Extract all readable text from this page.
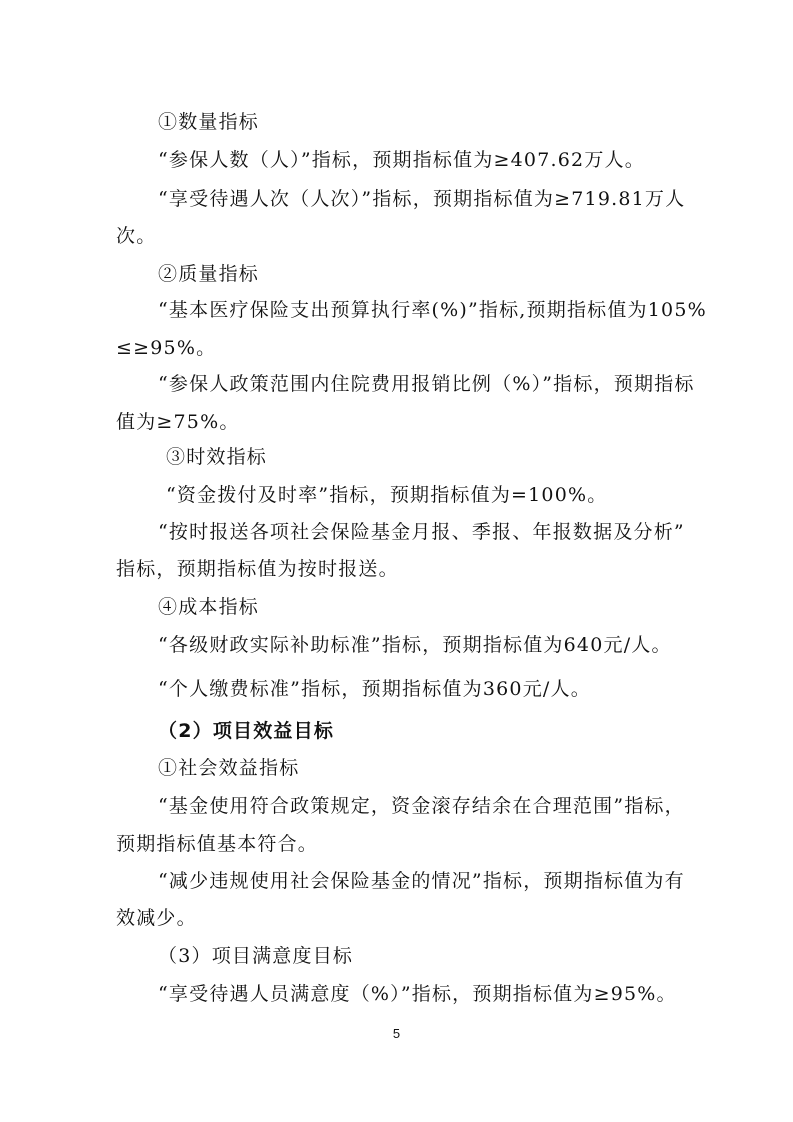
①数量指标
“参保人数（人）”指标，预期指标值为≥407.62万人。
“享受待遇人次（人次）”指标，预期指标值为≥719.81万人
次。
②质量指标
“基本医疗保险支出预算执行率(%)”指标,预期指标值为105%
≤≥95%。
“参保人政策范围内住院费用报销比例（%）”指标，预期指标
值为≥75%。
③时效指标
“资金拨付及时率”指标，预期指标值为=100%。
“按时报送各项社会保险基金月报、季报、年报数据及分析”
指标，预期指标值为按时报送。
④成本指标
“各级财政实际补助标准”指标，预期指标值为640元/人。
“个人缴费标准”指标，预期指标值为360元/人。
（2）项目效益目标
①社会效益指标
“基金使用符合政策规定，资金滚存结余在合理范围”指标，
预期指标值基本符合。
“减少违规使用社会保险基金的情况”指标，预期指标值为有
效减少。
（3）项目满意度目标
“享受待遇人员满意度（%）”指标，预期指标值为≥95%。
5
